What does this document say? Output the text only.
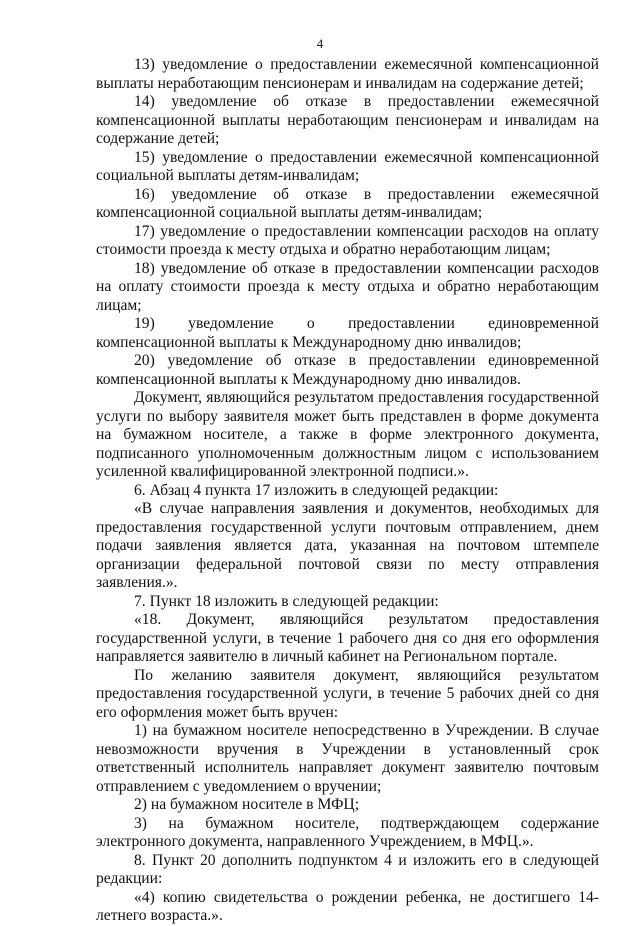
4

13) уведомление о предоставлении ежемесячной компенсационной выплаты неработающим пенсионерам и инвалидам на содержание детей;

14) уведомление об отказе в предоставлении ежемесячной компенсационной выплаты неработающим пенсионерам и инвалидам на содержание детей;

15) уведомление о предоставлении ежемесячной компенсационной социальной выплаты детям-инвалидам;

16) уведомление об отказе в предоставлении ежемесячной компенсационной социальной выплаты детям-инвалидам;

17) уведомление о предоставлении компенсации расходов на оплату стоимости проезда к месту отдыха и обратно неработающим лицам;

18) уведомление об отказе в предоставлении компенсации расходов на оплату стоимости проезда к месту отдыха и обратно неработающим лицам;

19) уведомление о предоставлении единовременной компенсационной выплаты к Международному дню инвалидов;

20) уведомление об отказе в предоставлении единовременной компенсационной выплаты к Международному дню инвалидов.

Документ, являющийся результатом предоставления государственной услуги по выбору заявителя может быть представлен в форме документа на бумажном носителе, а также в форме электронного документа, подписанного уполномоченным должностным лицом с использованием усиленной квалифицированной электронной подписи.».

6. Абзац 4 пункта 17 изложить в следующей редакции:

«В случае направления заявления и документов, необходимых для предоставления государственной услуги почтовым отправлением, днем подачи заявления является дата, указанная на почтовом штемпеле организации федеральной почтовой связи по месту отправления заявления.».

7. Пункт 18 изложить в следующей редакции:

«18. Документ, являющийся результатом предоставления государственной услуги, в течение 1 рабочего дня со дня его оформления направляется заявителю в личный кабинет на Региональном портале.

По желанию заявителя документ, являющийся результатом предоставления государственной услуги, в течение 5 рабочих дней со дня его оформления может быть вручен:

1) на бумажном носителе непосредственно в Учреждении. В случае невозможности вручения в Учреждении в установленный срок ответственный исполнитель направляет документ заявителю почтовым отправлением с уведомлением о вручении;

2) на бумажном носителе в МФЦ;

3) на бумажном носителе, подтверждающем содержание электронного документа, направленного Учреждением, в МФЦ.».

8. Пункт 20 дополнить подпунктом 4 и изложить его в следующей редакции:

«4) копию свидетельства о рождении ребенка, не достигшего 14-летнего возраста.».
